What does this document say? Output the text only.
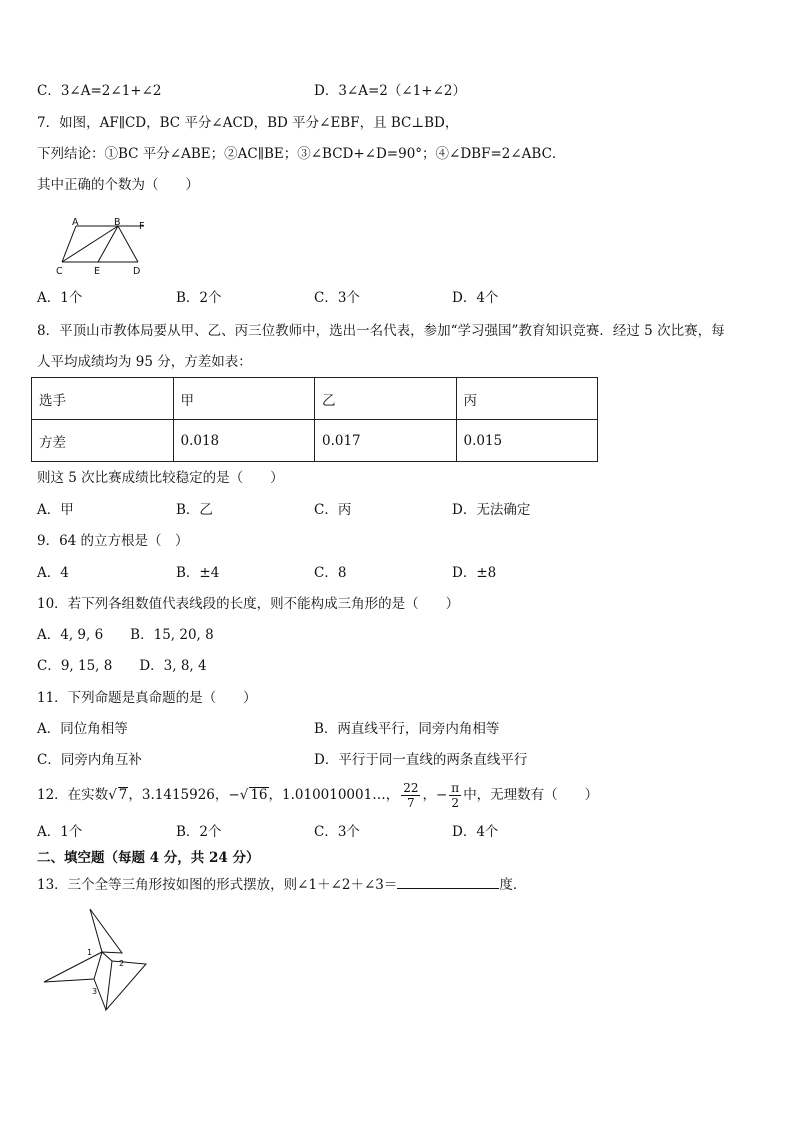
C．3∠A=2∠1+∠2	D．3∠A=2（∠1+∠2）
7．如图，AF∥CD，BC 平分∠ACD，BD 平分∠EBF，且 BC⊥BD，
下列结论：①BC 平分∠ABE；②AC∥BE；③∠BCD+∠D=90°；④∠DBF=2∠ABC．
其中正确的个数为（　　）
A	B F
C	E	D
A．1个	B．2个	C．3个	D．4个
8．平顶山市教体局要从甲、乙、丙三位教师中，选出一名代表，参加“学习强国”教育知识竞赛．经过 5 次比赛，每
人平均成绩均为 95 分，方差如表：
选手	甲	乙	丙
方差	0.018	0.017	0.015
则这 5 次比赛成绩比较稳定的是（　　）
A．甲	B．乙	C．丙	D．无法确定
9．64 的立方根是（　）
A．4	B．±4	C．8	D．±8
10．若下列各组数值代表线段的长度，则不能构成三角形的是（　　）
A．4, 9, 6　　B．15, 20, 8
C．9, 15, 8　　D．3, 8, 4
11．下列命题是真命题的是（　　）
A．同位角相等	B．两直线平行，同旁内角相等
C．同旁内角互补	D．平行于同一直线的两条直线平行
12．在实数√ 7，3.1415926，−√ 16，1.010010001…， $\frac{22}{7}$ ，− $\frac{\pi}{2}$ 中，无理数有（　　）
A．1个	B．2个	C．3个	D．4个
二、填空题（每题 4 分，共 24 分）
13．三个全等三角形按如图的形式摆放，则∠1＋∠2＋∠3＝	度．
1
2
3
